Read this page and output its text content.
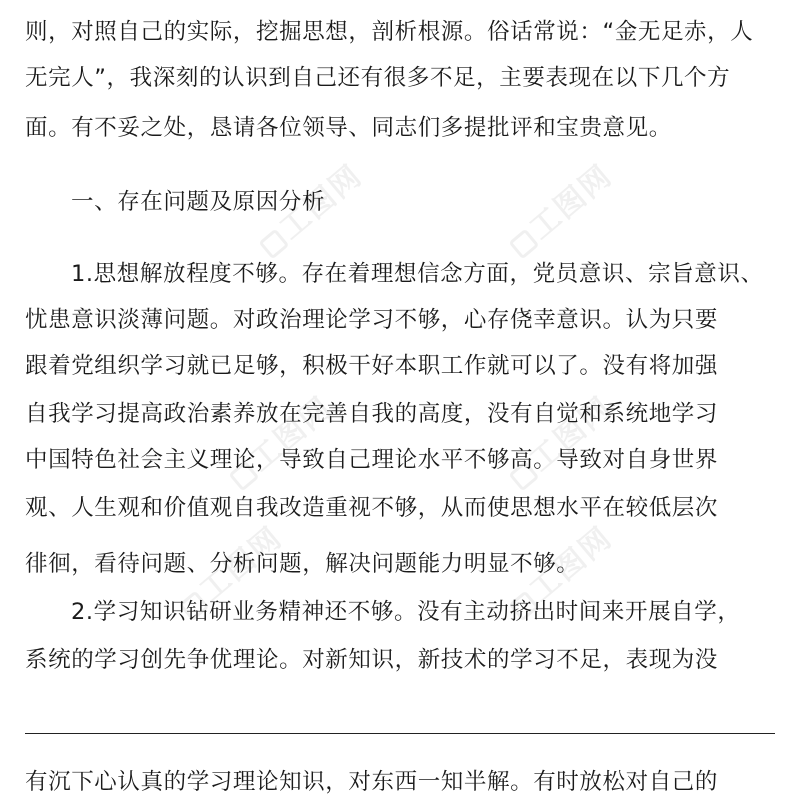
工图网	工图网
工图网	工图网
工图网	工图网
则，对照自己的实际，挖掘思想，剖析根源。俗话常说：“金无足赤，人
无完人”，我深刻的认识到自己还有很多不足，主要表现在以下几个方
面。有不妥之处，恳请各位领导、同志们多提批评和宝贵意见。
一、存在问题及原因分析
1.思想解放程度不够。存在着理想信念方面，党员意识、宗旨意识、
忧患意识淡薄问题。对政治理论学习不够，心存侥幸意识。认为只要
跟着党组织学习就已足够，积极干好本职工作就可以了。没有将加强
自我学习提高政治素养放在完善自我的高度，没有自觉和系统地学习
中国特色社会主义理论，导致自己理论水平不够高。导致对自身世界
观、人生观和价值观自我改造重视不够，从而使思想水平在较低层次
徘徊，看待问题、分析问题，解决问题能力明显不够。
2.学习知识钻研业务精神还不够。没有主动挤出时间来开展自学，
系统的学习创先争优理论。对新知识，新技术的学习不足，表现为没
有沉下心认真的学习理论知识，对东西一知半解。有时放松对自己的
